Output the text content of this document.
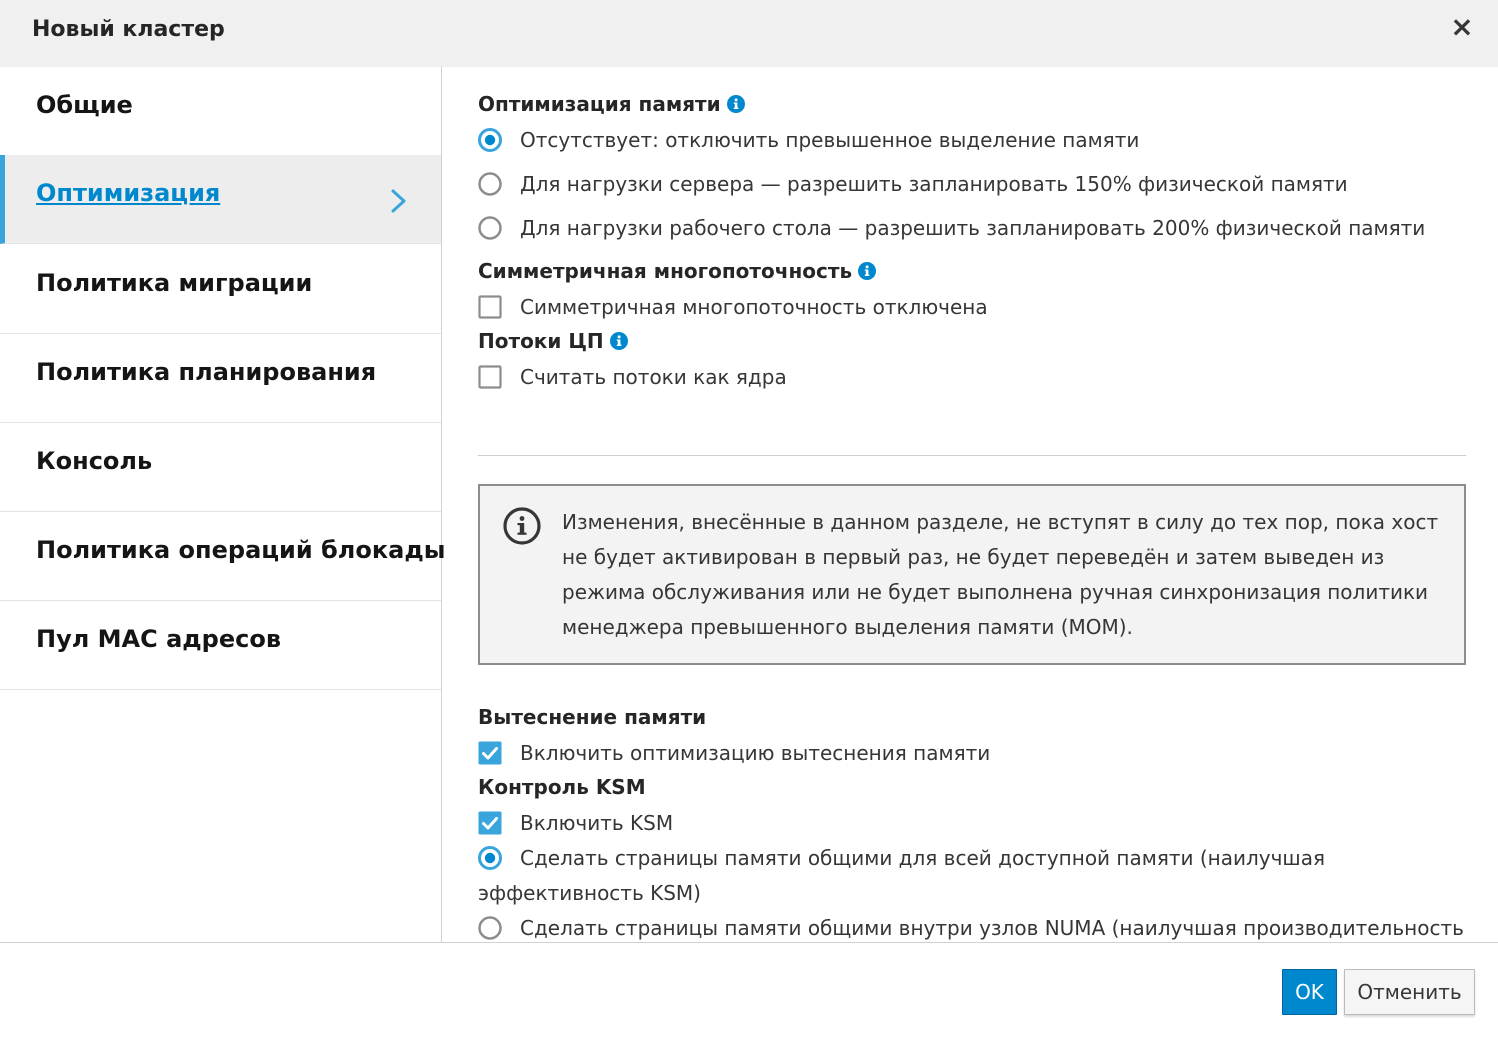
Новый кластер	×
Общие
Оптимизация
Политика миграции
Политика планирования
Консоль
Политика операций блокады
Пул MAC адресов
Оптимизация памяти
Отсутствует: отключить превышенное выделение памяти
Для нагрузки сервера — разрешить запланировать 150% физической памяти
Для нагрузки рабочего стола — разрешить запланировать 200% физической памяти
Симметричная многопоточность
Симметричная многопоточность отключена
Потоки ЦП
Считать потоки как ядра
Изменения, внесённые в данном разделе, не вступят в силу до тех пор, пока хост не будет активирован в первый раз, не будет переведён и затем выведен из режима обслуживания или не будет выполнена ручная синхронизация политики менеджера превышенного выделения памяти (MOM).
Вытеснение памяти
Включить оптимизацию вытеснения памяти
Контроль KSM
Включить KSM
Сделать страницы памяти общими для всей доступной памяти (наилучшая эффективность KSM)
Сделать страницы памяти общими внутри узлов NUMA (наилучшая производительность
OK	Отменить
